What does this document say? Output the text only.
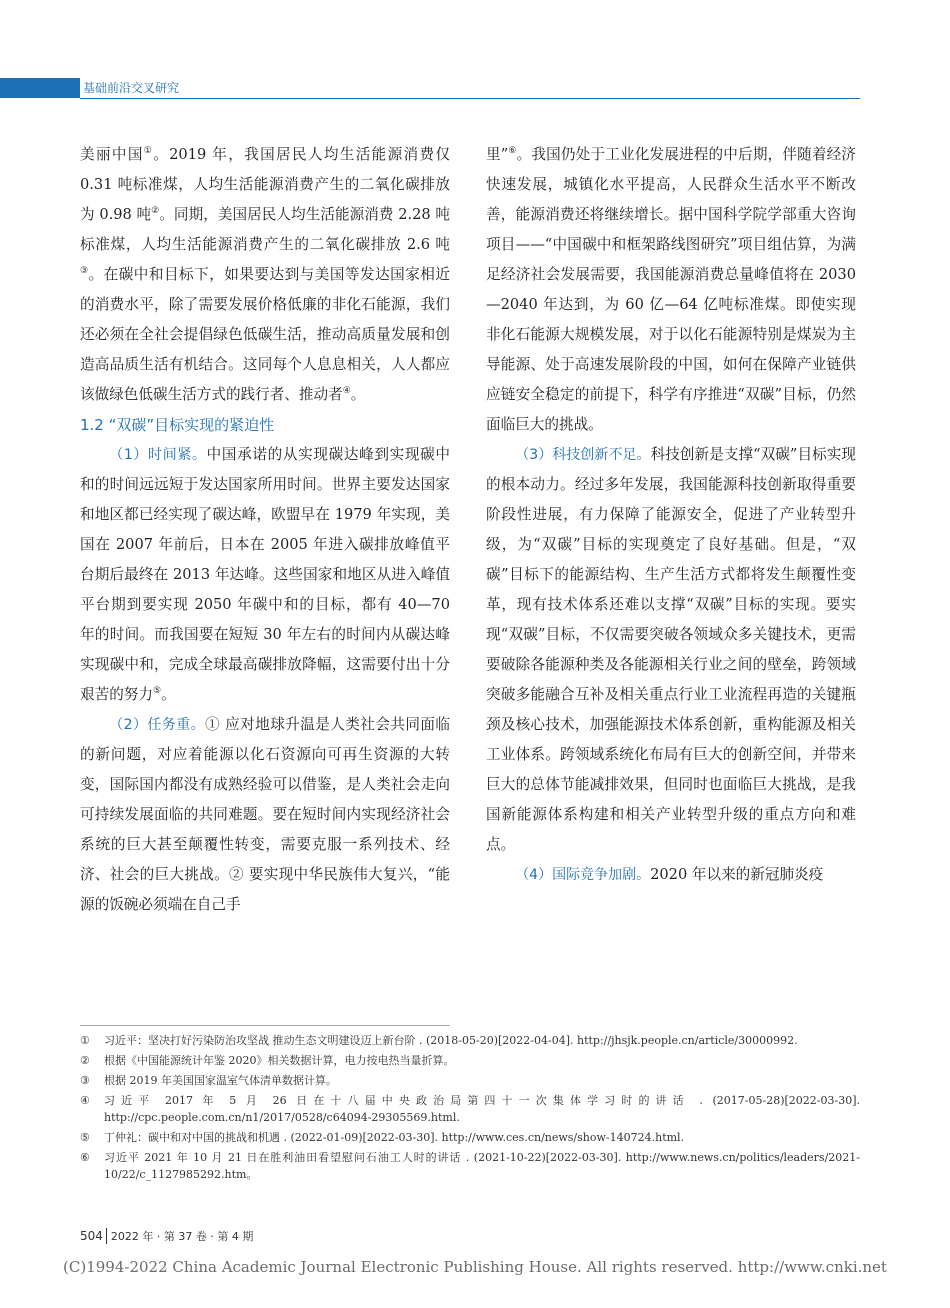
基础前沿交叉研究

美丽中国①。2019 年，我国居民人均生活能源消费仅 0.31 吨标准煤，人均生活能源消费产生的二氧化碳排放为 0.98 吨②。同期，美国居民人均生活能源消费 2.28 吨标准煤，人均生活能源消费产生的二氧化碳排放 2.6 吨③。在碳中和目标下，如果要达到与美国等发达国家相近的消费水平，除了需要发展价格低廉的非化石能源，我们还必须在全社会提倡绿色低碳生活，推动高质量发展和创造高品质生活有机结合。这同每个人息息相关，人人都应该做绿色低碳生活方式的践行者、推动者④。

1.2 “双碳”目标实现的紧迫性

（1）时间紧。中国承诺的从实现碳达峰到实现碳中和的时间远远短于发达国家所用时间。世界主要发达国家和地区都已经实现了碳达峰，欧盟早在 1979 年实现，美国在 2007 年前后，日本在 2005 年进入碳排放峰值平台期后最终在 2013 年达峰。这些国家和地区从进入峰值平台期到要实现 2050 年碳中和的目标，都有 40—70 年的时间。而我国要在短短 30 年左右的时间内从碳达峰实现碳中和，完成全球最高碳排放降幅，这需要付出十分艰苦的努力⑤。

（2）任务重。① 应对地球升温是人类社会共同面临的新问题，对应着能源以化石资源向可再生资源的大转变，国际国内都没有成熟经验可以借鉴，是人类社会走向可持续发展面临的共同难题。要在短时间内实现经济社会系统的巨大甚至颠覆性转变，需要克服一系列技术、经济、社会的巨大挑战。② 要实现中华民族伟大复兴，“能源的饭碗必须端在自己手

里”⑥。我国仍处于工业化发展进程的中后期，伴随着经济快速发展，城镇化水平提高，人民群众生活水平不断改善，能源消费还将继续增长。据中国科学院学部重大咨询项目——“中国碳中和框架路线图研究”项目组估算，为满足经济社会发展需要，我国能源消费总量峰值将在 2030—2040 年达到，为 60 亿—64 亿吨标准煤。即使实现非化石能源大规模发展，对于以化石能源特别是煤炭为主导能源、处于高速发展阶段的中国，如何在保障产业链供应链安全稳定的前提下，科学有序推进“双碳”目标，仍然面临巨大的挑战。

（3）科技创新不足。科技创新是支撑“双碳”目标实现的根本动力。经过多年发展，我国能源科技创新取得重要阶段性进展，有力保障了能源安全，促进了产业转型升级，为“双碳”目标的实现奠定了良好基础。但是，“双碳”目标下的能源结构、生产生活方式都将发生颠覆性变革，现有技术体系还难以支撑“双碳”目标的实现。要实现“双碳”目标，不仅需要突破各领域众多关键技术，更需要破除各能源种类及各能源相关行业之间的壁垒，跨领域突破多能融合互补及相关重点行业工业流程再造的关键瓶颈及核心技术，加强能源技术体系创新，重构能源及相关工业体系。跨领域系统化布局有巨大的创新空间，并带来巨大的总体节能减排效果，但同时也面临巨大挑战，是我国新能源体系构建和相关产业转型升级的重点方向和难点。

（4）国际竞争加剧。2020 年以来的新冠肺炎疫

①	习近平：坚决打好污染防治攻坚战 推动生态文明建设迈上新台阶 . (2018-05-20)[2022-04-04]. http://jhsjk.people.cn/article/30000992.
②	根据《中国能源统计年鉴 2020》相关数据计算，电力按电热当量折算。
③	根据 2019 年美国国家温室气体清单数据计算。
④	习近平 2017 年 5 月 26 日在十八届中央政治局第四十一次集体学习时的讲话 . (2017-05-28)[2022-03-30]. http://cpc.people.com.cn/n1/2017/0528/c64094-29305569.html.
⑤	丁仲礼：碳中和对中国的挑战和机遇 . (2022-01-09)[2022-03-30]. http://www.ces.cn/news/show-140724.html.
⑥	习近平 2021 年 10 月 21 日在胜利油田看望慰问石油工人时的讲话 . (2021-10-22)[2022-03-30]. http://www.news.cn/politics/leaders/2021-10/22/c_1127985292.htm。
504 2022 年 · 第 37 卷 · 第 4 期
(C)1994-2022 China Academic Journal Electronic Publishing House. All rights reserved. http://www.cnki.net
